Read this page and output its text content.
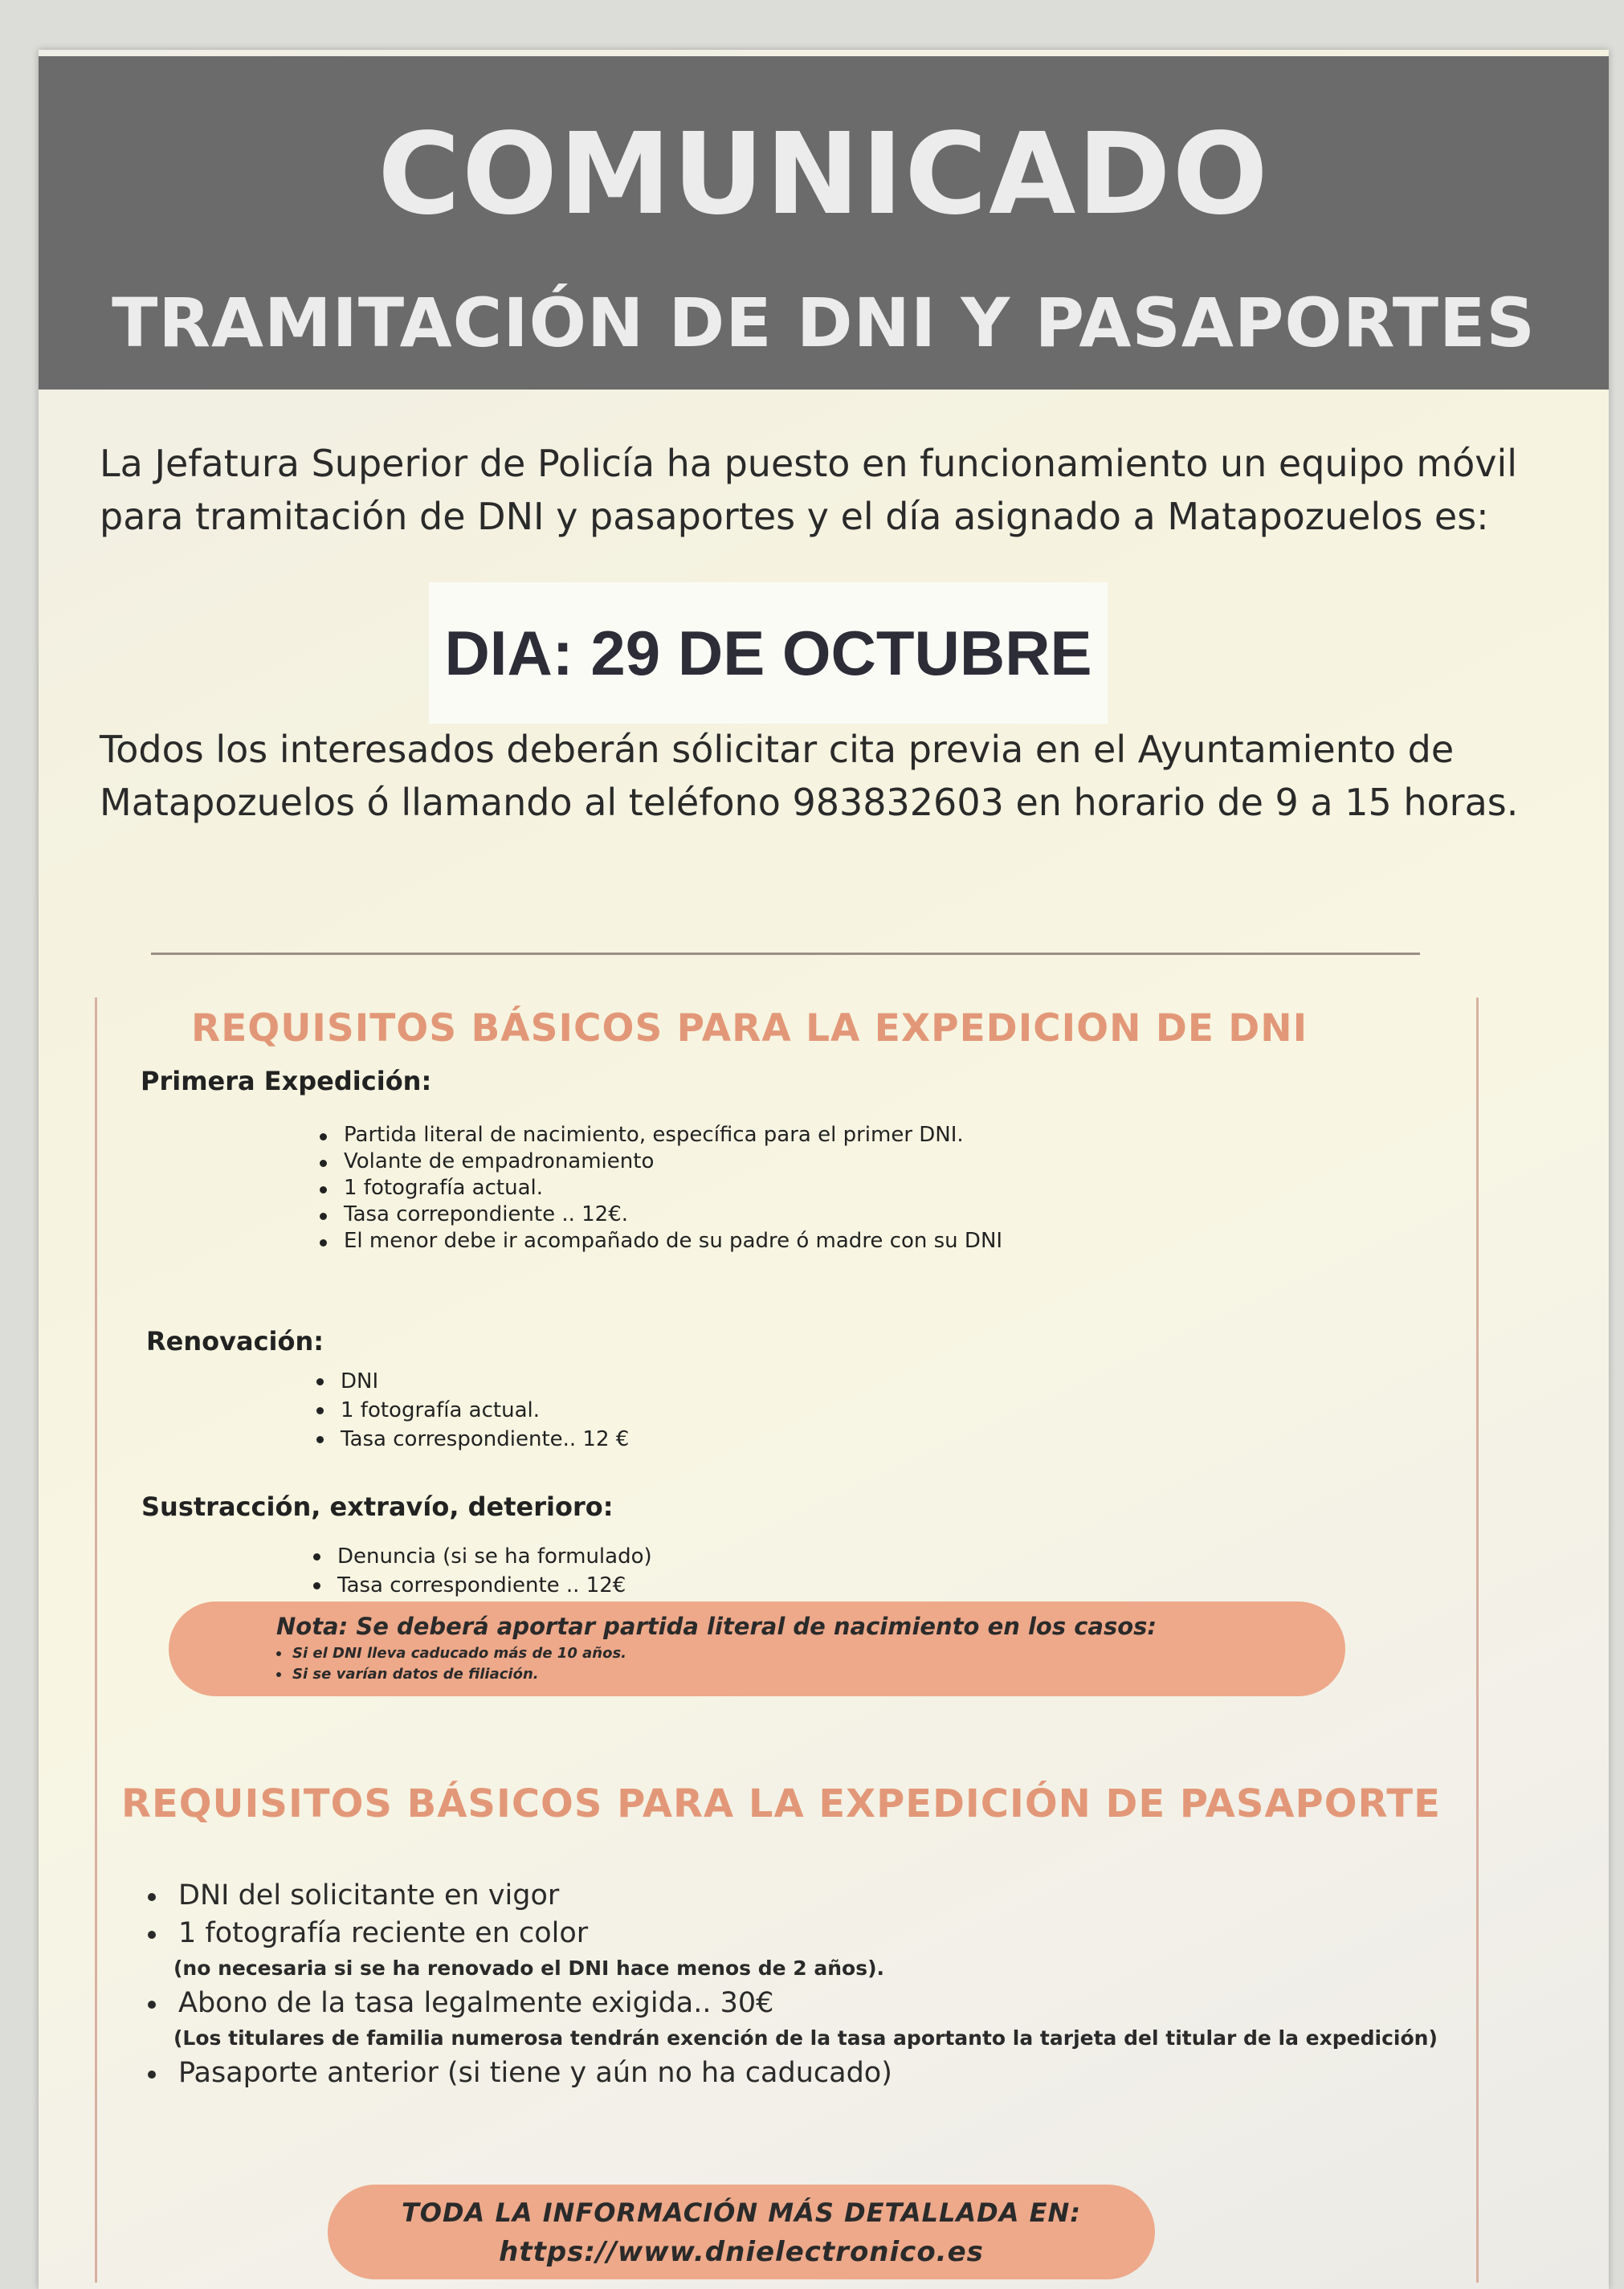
COMUNICADO
TRAMITACIÓN DE DNI Y PASAPORTES
La Jefatura Superior de Policía ha puesto en funcionamiento un equipo móvil para tramitación de DNI y pasaportes y el día asignado a Matapozuelos es:
DIA: 29 DE OCTUBRE
Todos los interesados deberán sólicitar cita previa en el Ayuntamiento de Matapozuelos ó llamando al teléfono 983832603 en horario de 9 a 15 horas.
REQUISITOS BÁSICOS PARA LA EXPEDICION DE DNI
Primera Expedición:
Partida literal de nacimiento, específica para el primer DNI.
Volante de empadronamiento
1 fotografía actual.
Tasa correpondiente .. 12€.
El menor debe ir acompañado de su padre ó madre con su DNI
Renovación:
DNI
1 fotografía actual.
Tasa correspondiente.. 12 €
Sustracción, extravío, deterioro:
Denuncia (si se ha formulado)
Tasa correspondiente .. 12€
Nota: Se deberá aportar partida literal de nacimiento en los casos:
Si el DNI lleva caducado más de 10 años.
Si se varían datos de filiación.
REQUISITOS BÁSICOS PARA LA EXPEDICIÓN DE PASAPORTE
DNI del solicitante en vigor
1 fotografía reciente en color
(no necesaria si se ha renovado el DNI hace menos de 2 años).
Abono de la tasa legalmente exigida.. 30€
(Los titulares de familia numerosa tendrán exención de la tasa aportanto la tarjeta del titular de la expedición)
Pasaporte anterior (si tiene y aún no ha caducado)
TODA LA INFORMACIÓN MÁS DETALLADA EN:
https://www.dnielectronico.es
